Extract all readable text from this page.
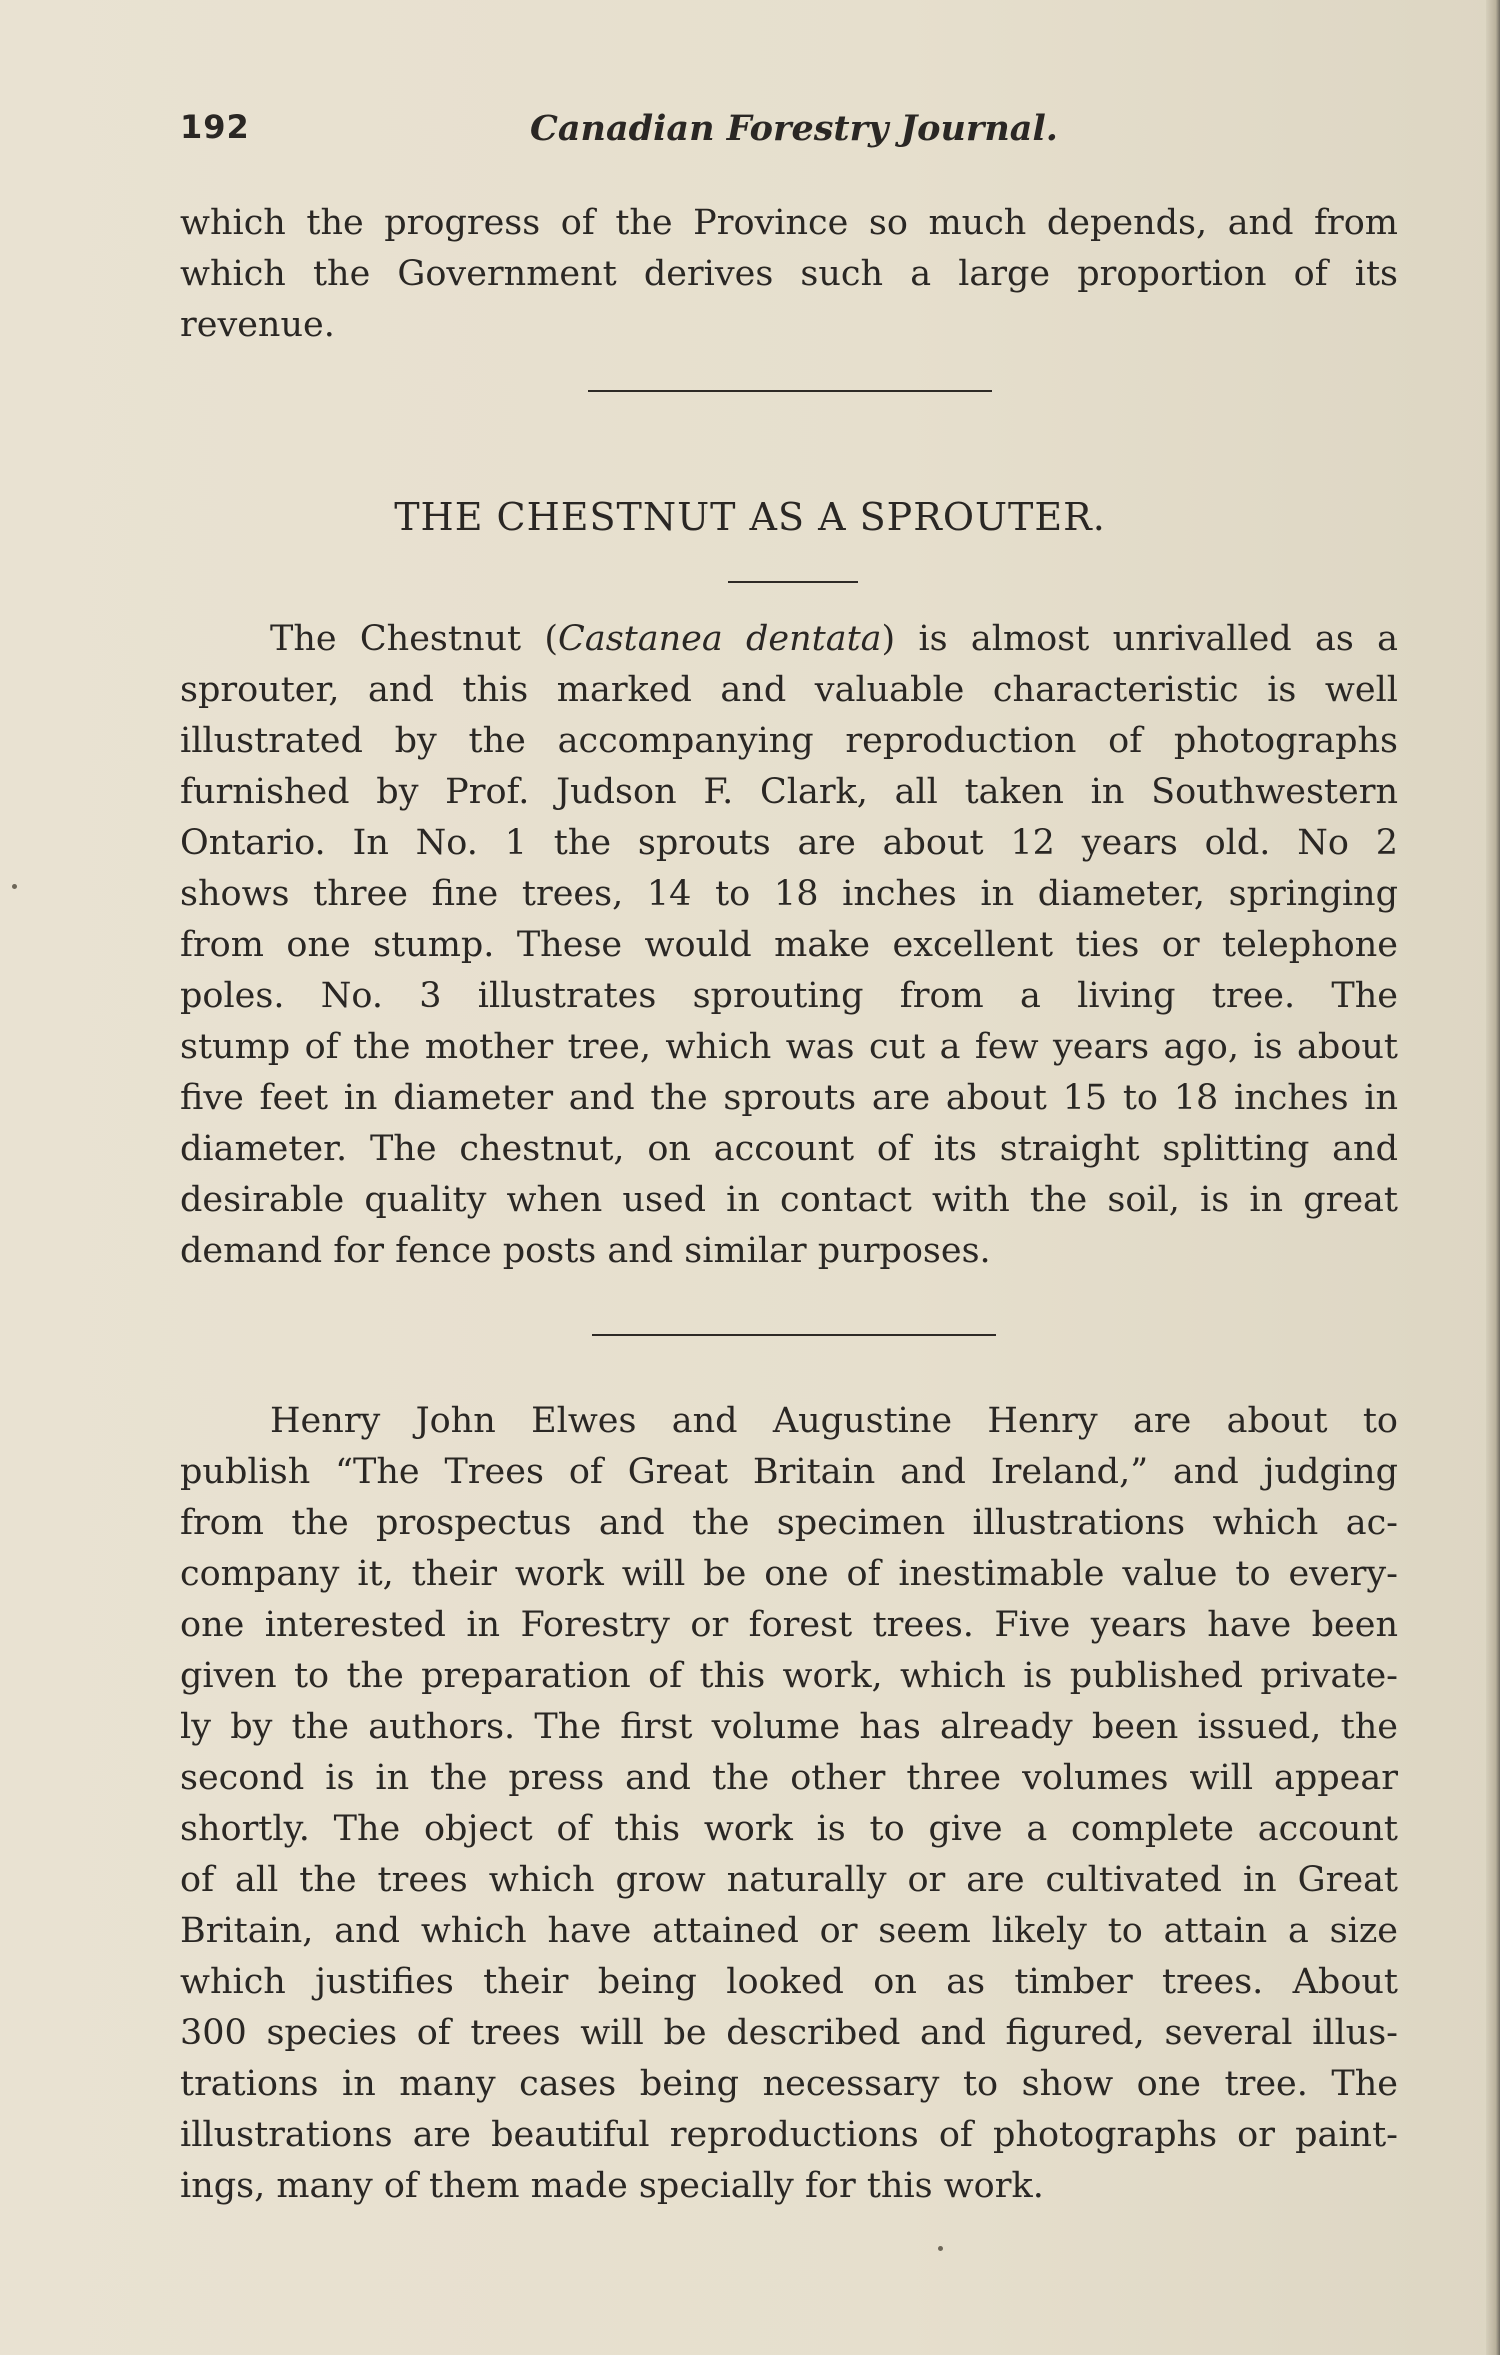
192	Canadian Forestry Journal.
which the progress of the Province so much depends, and from
which the Government derives such a large proportion of its
revenue.
THE CHESTNUT AS A SPROUTER.
The Chestnut (Castanea dentata) is almost unrivalled as a
sprouter, and this marked and valuable characteristic is well
illustrated by the accompanying reproduction of photographs
furnished by Prof. Judson F. Clark, all taken in Southwestern
Ontario. In No. 1 the sprouts are about 12 years old. No 2
shows three fine trees, 14 to 18 inches in diameter, springing
from one stump. These would make excellent ties or telephone
poles. No. 3 illustrates sprouting from a living tree. The
stump of the mother tree, which was cut a few years ago, is about
five feet in diameter and the sprouts are about 15 to 18 inches in
diameter. The chestnut, on account of its straight splitting and
desirable quality when used in contact with the soil, is in great
demand for fence posts and similar purposes.
Henry John Elwes and Augustine Henry are about to
publish “The Trees of Great Britain and Ireland,” and judging
from the prospectus and the specimen illustrations which ac-
company it, their work will be one of inestimable value to every-
one interested in Forestry or forest trees. Five years have been
given to the preparation of this work, which is published private-
ly by the authors. The first volume has already been issued, the
second is in the press and the other three volumes will appear
shortly. The object of this work is to give a complete account
of all the trees which grow naturally or are cultivated in Great
Britain, and which have attained or seem likely to attain a size
which justifies their being looked on as timber trees. About
300 species of trees will be described and figured, several illus-
trations in many cases being necessary to show one tree. The
illustrations are beautiful reproductions of photographs or paint-
ings, many of them made specially for this work.
